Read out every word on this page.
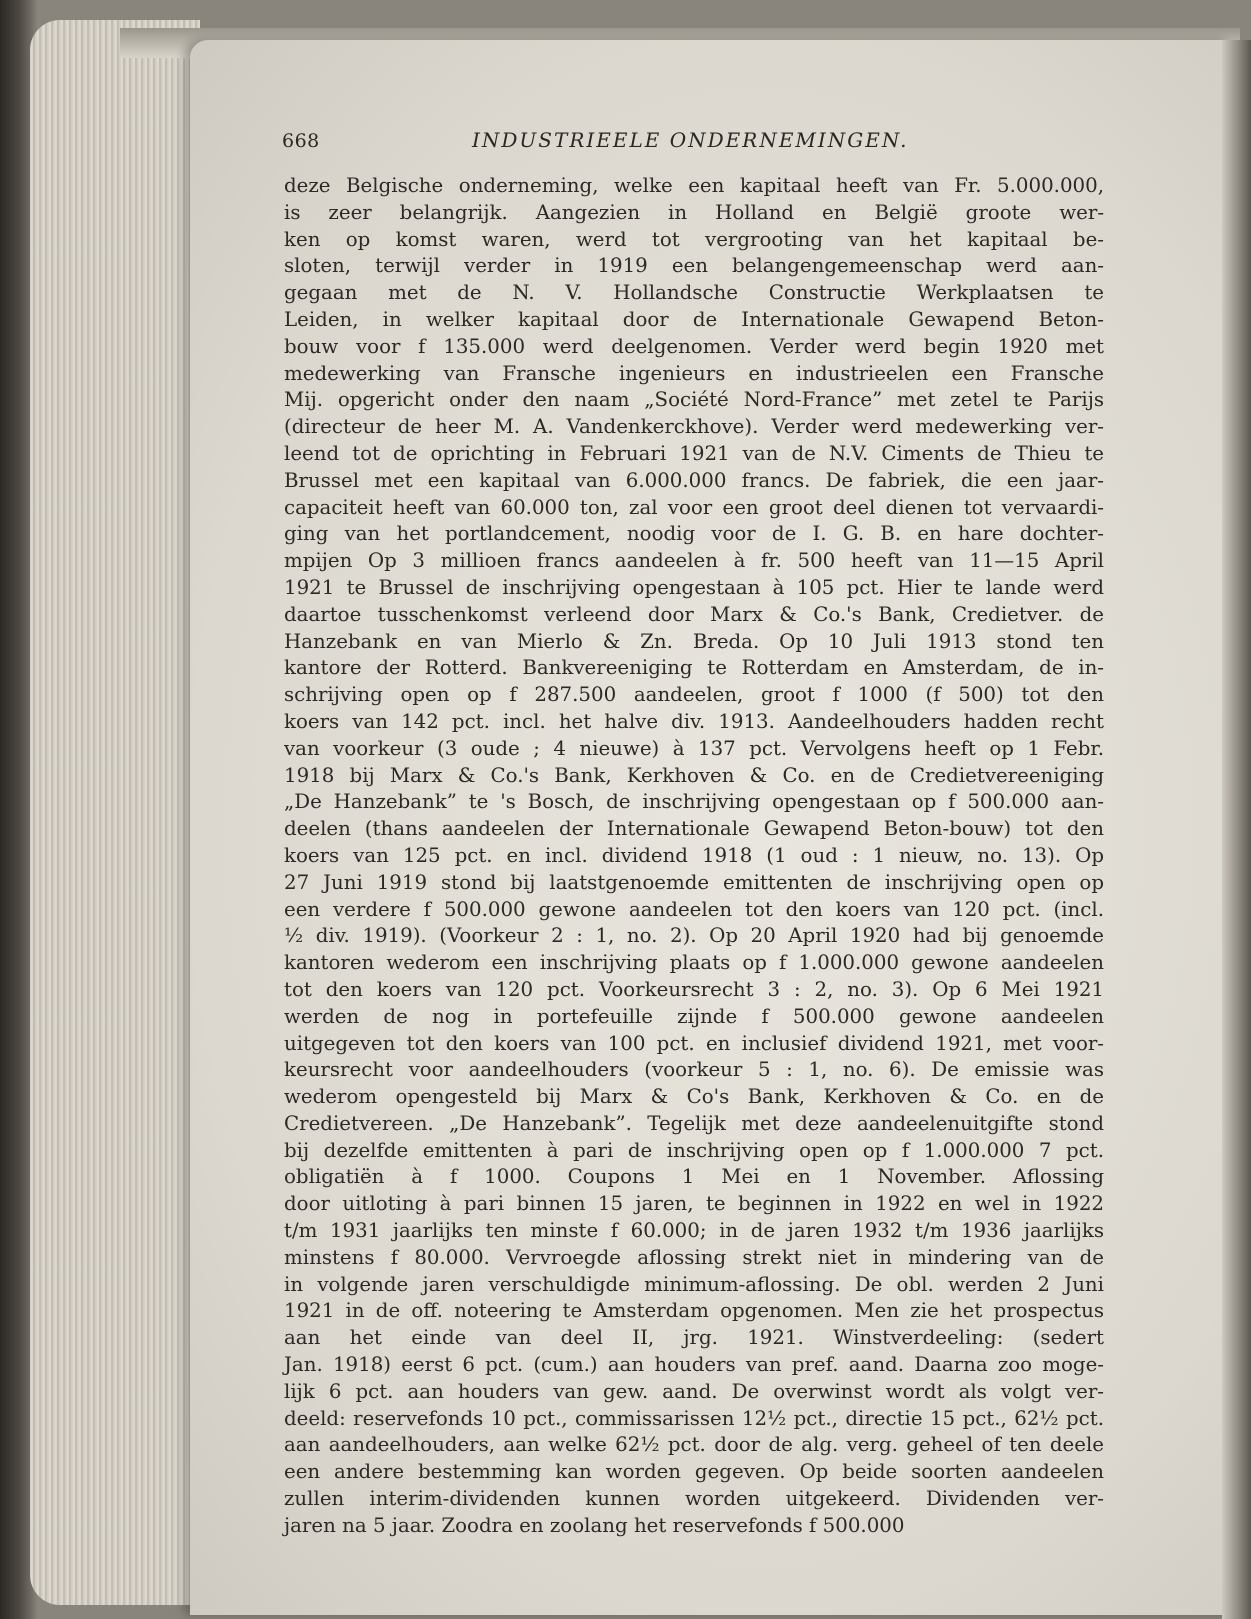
668	INDUSTRIEELE ONDERNEMINGEN.
deze Belgische onderneming, welke een kapitaal heeft van Fr. 5.000.000,
is zeer belangrijk. Aangezien in Holland en België groote wer-
ken op komst waren, werd tot vergrooting van het kapitaal be-
sloten, terwijl verder in 1919 een belangengemeenschap werd aan-
gegaan met de N. V. Hollandsche Constructie Werkplaatsen te
Leiden, in welker kapitaal door de Internationale Gewapend Beton-
bouw voor f 135.000 werd deelgenomen. Verder werd begin 1920 met
medewerking van Fransche ingenieurs en industrieelen een Fransche
Mij. opgericht onder den naam „Société Nord-France” met zetel te Parijs
(directeur de heer M. A. Vandenkerckhove). Verder werd medewerking ver-
leend tot de oprichting in Februari 1921 van de N.V. Ciments de Thieu te
Brussel met een kapitaal van 6.000.000 francs. De fabriek, die een jaar-
capaciteit heeft van 60.000 ton, zal voor een groot deel dienen tot vervaardi-
ging van het portlandcement, noodig voor de I. G. B. en hare dochter-
mpijen Op 3 millioen francs aandeelen à fr. 500 heeft van 11—15 April
1921 te Brussel de inschrijving opengestaan à 105 pct. Hier te lande werd
daartoe tusschenkomst verleend door Marx & Co.'s Bank, Credietver. de
Hanzebank en van Mierlo & Zn. Breda. Op 10 Juli 1913 stond ten
kantore der Rotterd. Bankvereeniging te Rotterdam en Amsterdam, de in-
schrijving open op f 287.500 aandeelen, groot f 1000 (f 500) tot den
koers van 142 pct. incl. het halve div. 1913. Aandeelhouders hadden recht
van voorkeur (3 oude ; 4 nieuwe) à 137 pct. Vervolgens heeft op 1 Febr.
1918 bij Marx & Co.'s Bank, Kerkhoven & Co. en de Credietvereeniging
„De Hanzebank” te 's Bosch, de inschrijving opengestaan op f 500.000 aan-
deelen (thans aandeelen der Internationale Gewapend Beton-bouw) tot den
koers van 125 pct. en incl. dividend 1918 (1 oud : 1 nieuw, no. 13). Op
27 Juni 1919 stond bij laatstgenoemde emittenten de inschrijving open op
een verdere f 500.000 gewone aandeelen tot den koers van 120 pct. (incl.
½ div. 1919). (Voorkeur 2 : 1, no. 2). Op 20 April 1920 had bij genoemde
kantoren wederom een inschrijving plaats op f 1.000.000 gewone aandeelen
tot den koers van 120 pct. Voorkeursrecht 3 : 2, no. 3). Op 6 Mei 1921
werden de nog in portefeuille zijnde f 500.000 gewone aandeelen
uitgegeven tot den koers van 100 pct. en inclusief dividend 1921, met voor-
keursrecht voor aandeelhouders (voorkeur 5 : 1, no. 6). De emissie was
wederom opengesteld bij Marx & Co's Bank, Kerkhoven & Co. en de
Credietvereen. „De Hanzebank”. Tegelijk met deze aandeelenuitgifte stond
bij dezelfde emittenten à pari de inschrijving open op f 1.000.000 7 pct.
obligatiën à f 1000. Coupons 1 Mei en 1 November. Aflossing
door uitloting à pari binnen 15 jaren, te beginnen in 1922 en wel in 1922
t/m 1931 jaarlijks ten minste f 60.000; in de jaren 1932 t/m 1936 jaarlijks
minstens f 80.000. Vervroegde aflossing strekt niet in mindering van de
in volgende jaren verschuldigde minimum-aflossing. De obl. werden 2 Juni
1921 in de off. noteering te Amsterdam opgenomen. Men zie het prospectus
aan het einde van deel II, jrg. 1921. Winstverdeeling: (sedert
Jan. 1918) eerst 6 pct. (cum.) aan houders van pref. aand. Daarna zoo moge-
lijk 6 pct. aan houders van gew. aand. De overwinst wordt als volgt ver-
deeld: reservefonds 10 pct., commissarissen 12½ pct., directie 15 pct., 62½ pct.
aan aandeelhouders, aan welke 62½ pct. door de alg. verg. geheel of ten deele
een andere bestemming kan worden gegeven. Op beide soorten aandeelen
zullen interim-dividenden kunnen worden uitgekeerd. Dividenden ver-
jaren na 5 jaar. Zoodra en zoolang het reservefonds f 500.000
